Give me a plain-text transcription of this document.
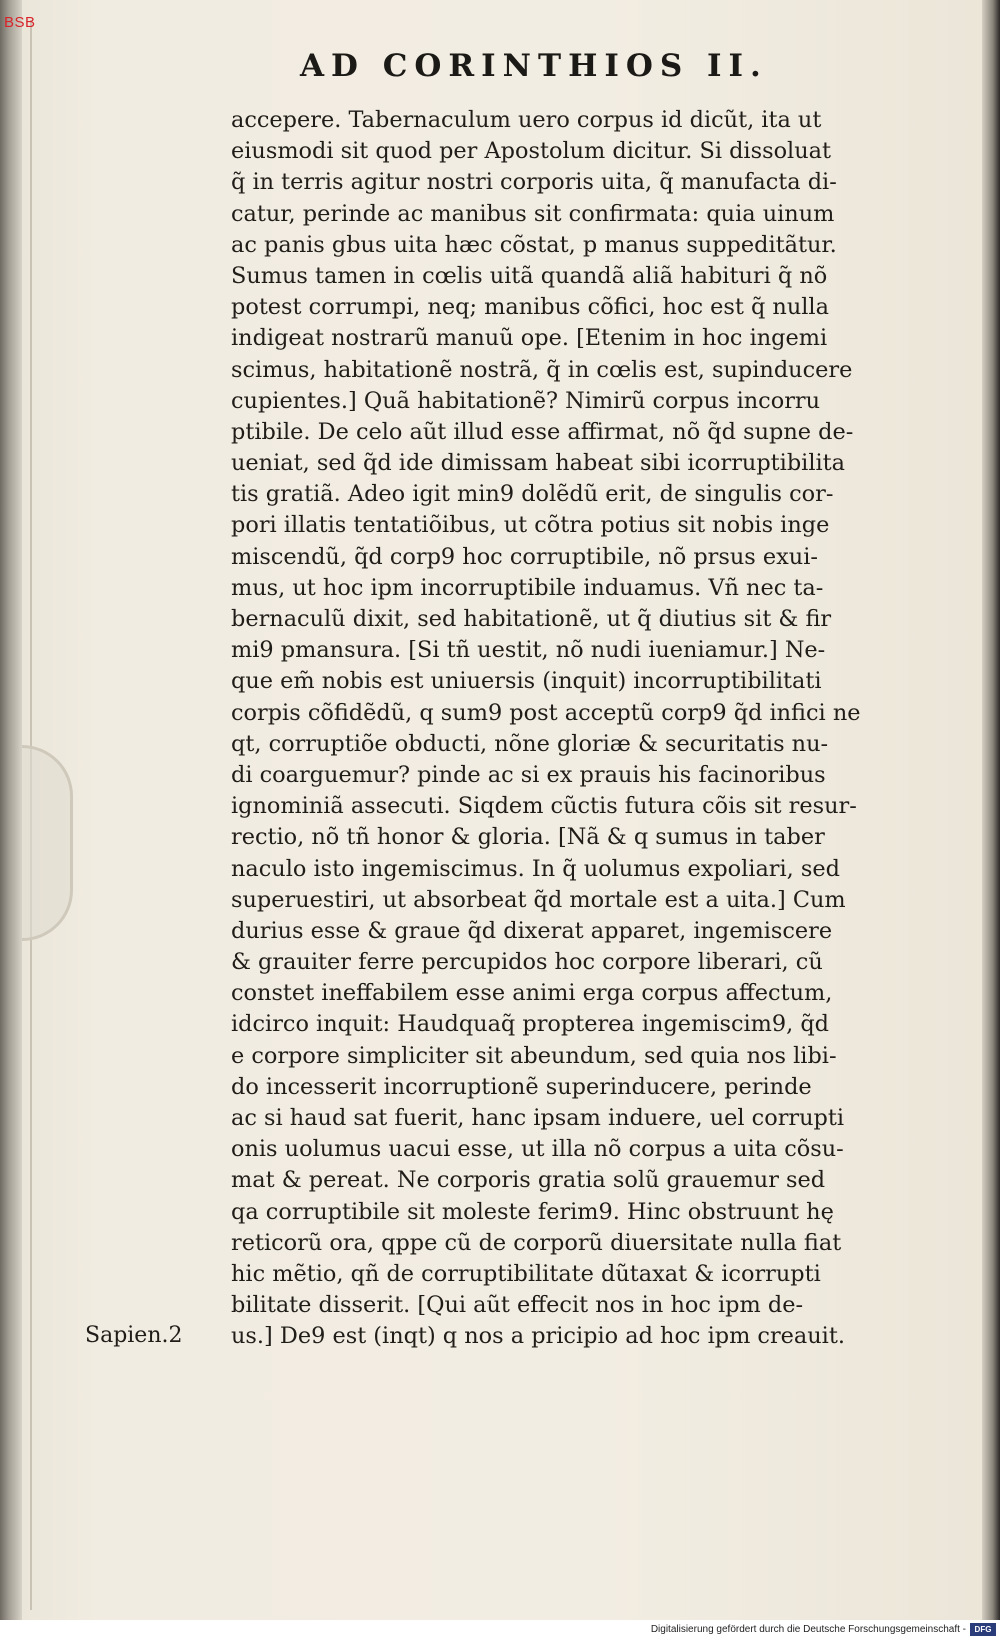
BSB
AD CORINTHIOS II.
accepere. Tabernaculum uero corpus id dicũt, ita ut
eiusmodi sit quod per Apostolum dicitur. Si dissoluat
q̃ in terris agitur nostri corporis uita, q̃ manufacta di-
catur, perinde ac manibus sit confirmata: quia uinum
ac panis gbus uita hæc cõstat, p manus suppeditãtur.
Sumus tamen in cœlis uitã quandã aliã habituri q̃ nõ
potest corrumpi, neq; manibus cõfici, hoc est q̃ nulla
indigeat nostrarũ manuũ ope. [Etenim in hoc ingemi
scimus, habitationẽ nostrã, q̃ in cœlis est, supinducere
cupientes.] Quã habitationẽ? Nimirũ corpus incorru
ptibile. De celo aũt illud esse affirmat, nõ q̃d supne de-
ueniat, sed q̃d ide dimissam habeat sibi icorruptibilita
tis gratiã. Adeo igit min9 dolẽdũ erit, de singulis cor-
pori illatis tentatiõibus, ut cõtra potius sit nobis inge
miscendũ, q̃d corp9 hoc corruptibile, nõ prsus exui-
mus, ut hoc ipm incorruptibile induamus. Vñ nec ta-
bernaculũ dixit, sed habitationẽ, ut q̃ diutius sit & fir
mi9 pmansura. [Si tñ uestit, nõ nudi iueniamur.] Ne-
que em̃ nobis est uniuersis (inquit) incorruptibilitati
corpis cõfidẽdũ, q sum9 post acceptũ corp9 q̃d infici ne
qt, corruptiõe obducti, nõne gloriæ & securitatis nu-
di coarguemur? pinde ac si ex prauis his facinoribus
ignominiã assecuti. Siqdem cũctis futura cõis sit resur-
rectio, nõ tñ honor & gloria. [Nã & q sumus in taber
naculo isto ingemiscimus. In q̃ uolumus expoliari, sed
superuestiri, ut absorbeat q̃d mortale est a uita.] Cum
durius esse & graue q̃d dixerat apparet, ingemiscere
& grauiter ferre percupidos hoc corpore liberari, cũ
constet ineffabilem esse animi erga corpus affectum,
idcirco inquit: Haudquaq̃ propterea ingemiscim9, q̃d
e corpore simpliciter sit abeundum, sed quia nos libi-
do incesserit incorruptionẽ superinducere, perinde
ac si haud sat fuerit, hanc ipsam induere, uel corrupti
onis uolumus uacui esse, ut illa nõ corpus a uita cõsu-
mat & pereat. Ne corporis gratia solũ grauemur sed
qa corruptibile sit moleste ferim9. Hinc obstruunt hę
reticorũ ora, qppe cũ de corporũ diuersitate nulla fiat
hic mẽtio, qñ de corruptibilitate dũtaxat & icorrupti
bilitate disserit. [Qui aũt effecit nos in hoc ipm de-
us.] De9 est (inqt) q nos a pricipio ad hoc ipm creauit.
Sapien.2
Digitalisierung gefördert durch die Deutsche Forschungsgemeinschaft -	DFG
